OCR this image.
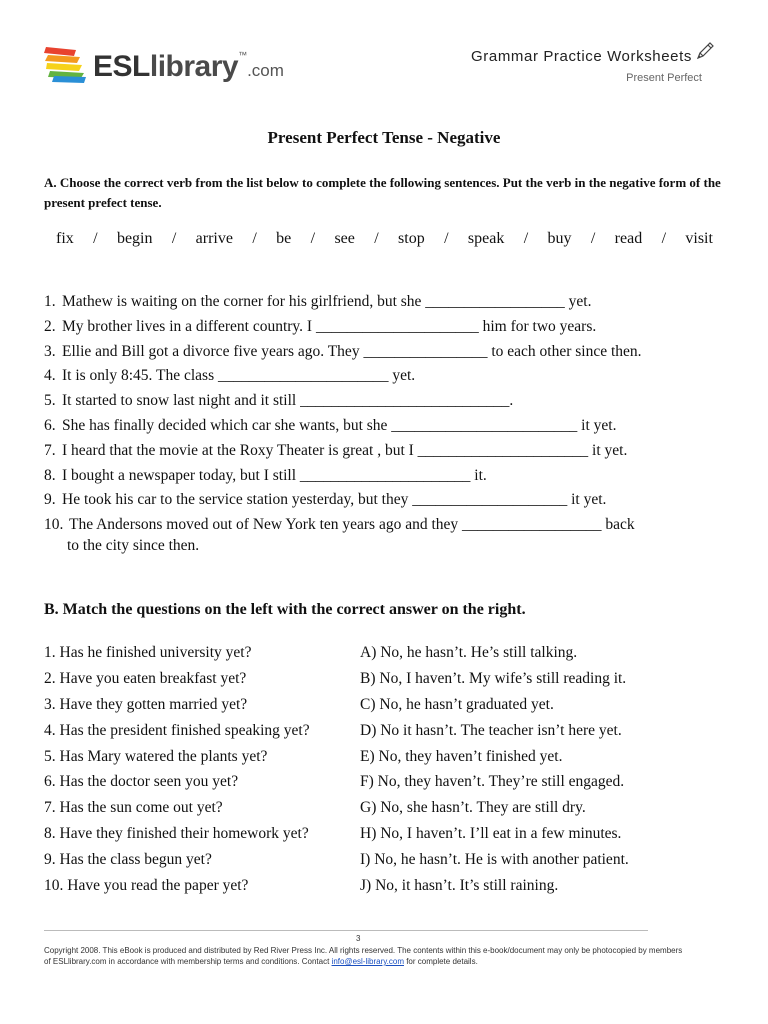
ESLlibrary™.com
Grammar Practice Worksheets
Present Perfect
Present Perfect Tense - Negative
A. Choose the correct verb from the list below to complete the following sentences. Put the verb in the negative form of the present prefect tense.
fix / begin / arrive / be / see / stop / speak / buy / read / visit
1. Mathew is waiting on the corner for his girlfriend, but she __________________ yet.
2. My brother lives in a different country. I _____________________ him for two years.
3. Ellie and Bill got a divorce five years ago. They ________________ to each other since then.
4. It is only 8:45. The class ______________________ yet.
5. It started to snow last night and it still ___________________________.
6. She has finally decided which car she wants, but she ________________________ it yet.
7. I heard that the movie at the Roxy Theater is great , but I ______________________ it yet.
8. I bought a newspaper today, but I still ______________________ it.
9. He took his car to the service station yesterday, but they ____________________ it yet.
10. The Andersons moved out of New York ten years ago and they __________________ back
to the city since then.
B. Match the questions on the left with the correct answer on the right.
1. Has he finished university yet?
2. Have you eaten breakfast yet?
3. Have they gotten married yet?
4. Has the president finished speaking yet?
5. Has Mary watered the plants yet?
6. Has the doctor seen you yet?
7. Has the sun come out yet?
8. Have they finished their homework yet?
9. Has the class begun yet?
10. Have you read the paper yet?
A) No, he hasn’t. He’s still talking.
B) No, I haven’t. My wife’s still reading it.
C) No, he hasn’t graduated yet.
D) No it hasn’t. The teacher isn’t here yet.
E) No, they haven’t finished yet.
F) No, they haven’t. They’re still engaged.
G) No, she hasn’t. They are still dry.
H) No, I haven’t. I’ll eat in a few minutes.
I) No, he hasn’t. He is with another patient.
J) No, it hasn’t. It’s still raining.
3
Copyright 2008. This eBook is produced and distributed by Red River Press Inc. All rights reserved. The contents within this e-book/document may only be photocopied by members of ESLlibrary.com in accordance with membership terms and conditions. Contact info@esl-library.com for complete details.
